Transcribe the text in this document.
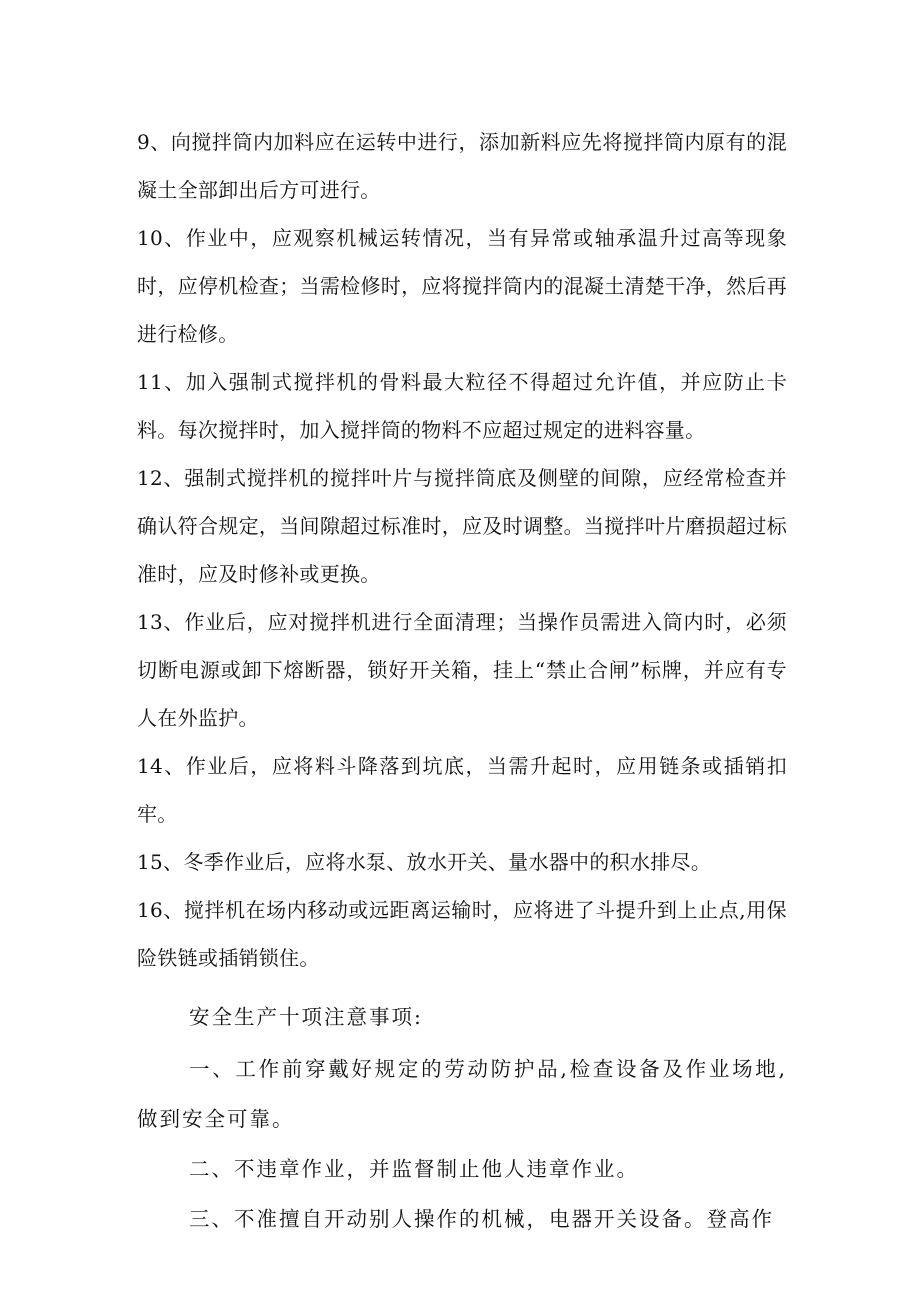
9、向搅拌筒内加料应在运转中进行，添加新料应先将搅拌筒内原有的混凝土全部卸出后方可进行。

10、作业中，应观察机械运转情况，当有异常或轴承温升过高等现象时，应停机检查；当需检修时，应将搅拌筒内的混凝土清楚干净，然后再进行检修。

11、加入强制式搅拌机的骨料最大粒径不得超过允许值，并应防止卡料。每次搅拌时，加入搅拌筒的物料不应超过规定的进料容量。

12、强制式搅拌机的搅拌叶片与搅拌筒底及侧壁的间隙，应经常检查并确认符合规定，当间隙超过标准时，应及时调整。当搅拌叶片磨损超过标准时，应及时修补或更换。

13、作业后，应对搅拌机进行全面清理；当操作员需进入筒内时，必须切断电源或卸下熔断器，锁好开关箱，挂上“禁止合闸”标牌，并应有专人在外监护。

14、作业后，应将料斗降落到坑底，当需升起时，应用链条或插销扣牢。

15、冬季作业后，应将水泵、放水开关、量水器中的积水排尽。

16、搅拌机在场内移动或远距离运输时，应将进了斗提升到上止点,用保险铁链或插销锁住。

安全生产十项注意事项:

一、工作前穿戴好规定的劳动防护品,检查设备及作业场地,做到安全可靠。

二、不违章作业，并监督制止他人违章作业。

三、不准擅自开动别人操作的机械，电器开关设备。登高作
